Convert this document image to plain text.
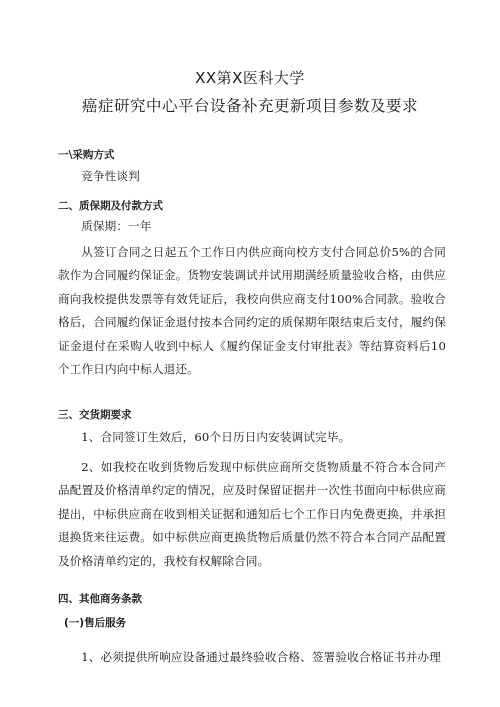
XX第X医科大学

癌症研究中心平台设备补充更新项目参数及要求

一\采购方式

竞争性谈判

二、质保期及付款方式

质保期：一年

从签订合同之日起五个工作日内供应商向校方支付合同总价5%的合同款作为合同履约保证金。货物安装调试并试用期满经质量验收合格，由供应商向我校提供发票等有效凭证后，我校向供应商支付100%合同款。验收合格后，合同履约保证金退付按本合同约定的质保期年限结束后支付，履约保证金退付在采购人收到中标人《履约保证金支付审批表》等结算资料后10个工作日内向中标人退还。

三、交货期要求

1、合同签订生效后，60个日历日内安装调试完毕。

2、如我校在收到货物后发现中标供应商所交货物质量不符合本合同产品配置及价格清单约定的情况，应及时保留证据并一次性书面向中标供应商提出，中标供应商在收到相关证据和通知后七个工作日内免费更换，并承担退换货来往运费。如中标供应商更换货物后质量仍然不符合本合同产品配置及价格清单约定的，我校有权解除合同。

四、其他商务条款

(一)售后服务

1、必须提供所响应设备通过最终验收合格、签署验收合格证书并办理
